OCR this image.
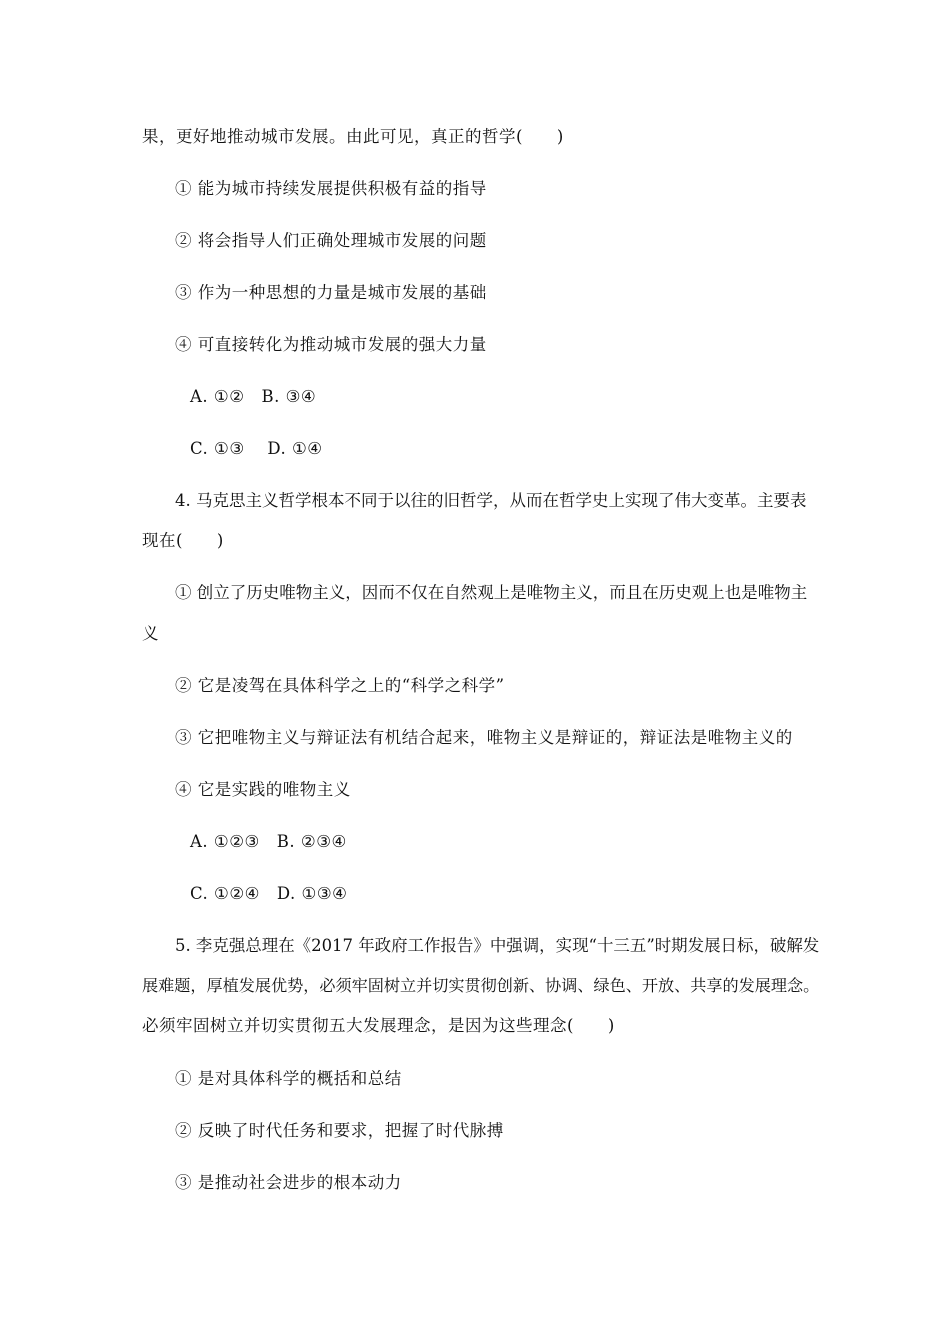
果，更好地推动城市发展。由此可见，真正的哲学(　　)
① 能为城市持续发展提供积极有益的指导
② 将会指导人们正确处理城市发展的问题
③ 作为一种思想的力量是城市发展的基础
④ 可直接转化为推动城市发展的强大力量
A. ①②　B. ③④
C. ①③　 D. ①④
4. 马克思主义哲学根本不同于以往的旧哲学，从而在哲学史上实现了伟大变革。主要表
现在(　　)
① 创立了历史唯物主义，因而不仅在自然观上是唯物主义，而且在历史观上也是唯物主
义
② 它是凌驾在具体科学之上的“科学之科学”
③ 它把唯物主义与辩证法有机结合起来，唯物主义是辩证的，辩证法是唯物主义的
④ 它是实践的唯物主义
A. ①②③　B. ②③④
C. ①②④　D. ①③④
5. 李克强总理在《2017 年政府工作报告》中强调，实现“十三五”时期发展日标，破解发
展难题，厚植发展优势，必须牢固树立并切实贯彻创新、协调、绿色、开放、共享的发展理念。
必须牢固树立并切实贯彻五大发展理念，是因为这些理念(　　)
① 是对具体科学的概括和总结
② 反映了时代任务和要求，把握了时代脉搏
③ 是推动社会进步的根本动力
